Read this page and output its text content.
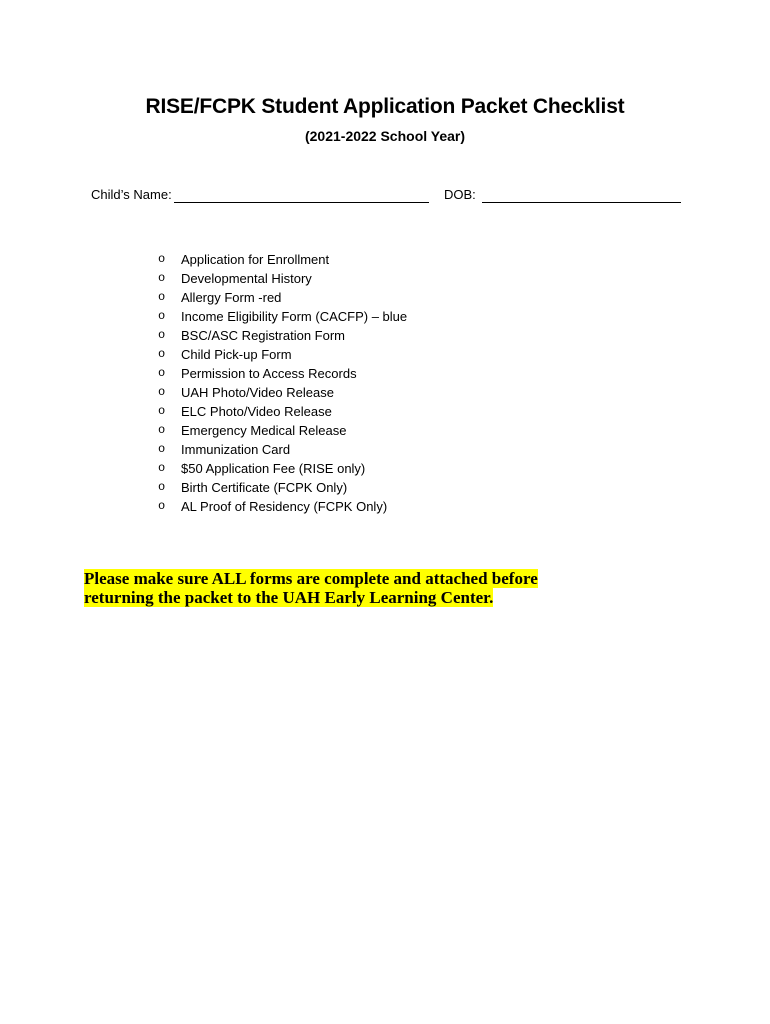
RISE/FCPK Student Application Packet Checklist
(2021-2022 School Year)
Child’s Name:	DOB:
o	Application for Enrollment
o	Developmental History
o	Allergy Form -red
o	Income Eligibility Form (CACFP) – blue
o	BSC/ASC Registration Form
o	Child Pick-up Form
o	Permission to Access Records
o	UAH Photo/Video Release
o	ELC Photo/Video Release
o	Emergency Medical Release
o	Immunization Card
o	$50 Application Fee (RISE only)
o	Birth Certificate (FCPK Only)
o	AL Proof of Residency (FCPK Only)
Please make sure ALL forms are complete and attached before
returning the packet to the UAH Early Learning Center.
